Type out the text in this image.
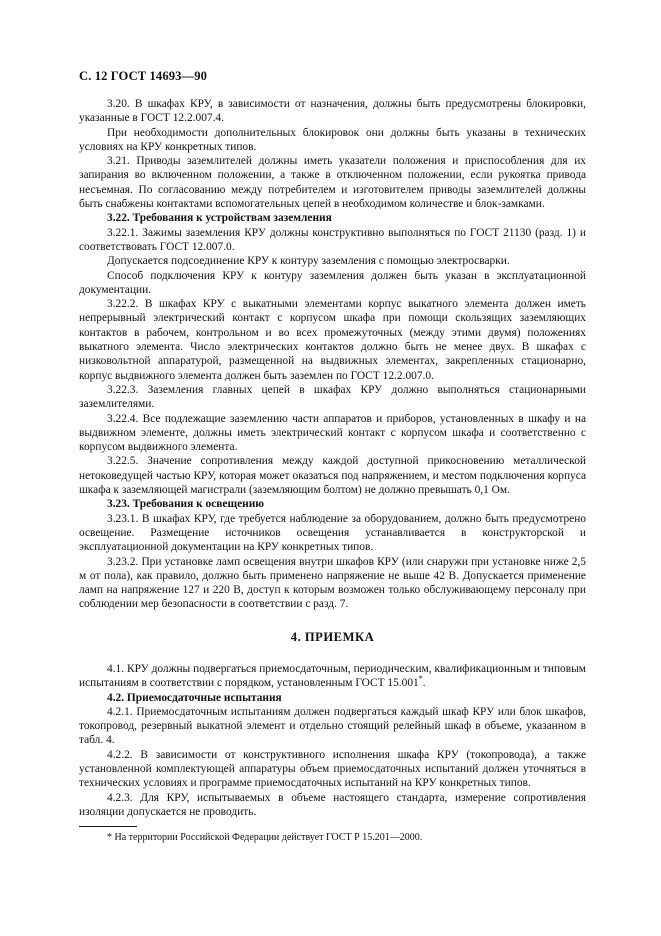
С. 12 ГОСТ 14693—90

3.20. В шкафах КРУ, в зависимости от назначения, должны быть предусмотрены блокировки, указанные в ГОСТ 12.2.007.4.

При необходимости дополнительных блокировок они должны быть указаны в технических условиях на КРУ конкретных типов.

3.21. Приводы заземлителей должны иметь указатели положения и приспособления для их запирания во включенном положении, а также в отключенном положении, если рукоятка привода несъемная. По согласованию между потребителем и изготовителем приводы заземлителей должны быть снабжены контактами вспомогательных цепей в необходимом количестве и блок-замками.

3.22. Требования к устройствам заземления

3.22.1. Зажимы заземления КРУ должны конструктивно выполняться по ГОСТ 21130 (разд. 1) и соответствовать ГОСТ 12.007.0.

Допускается подсоединение КРУ к контуру заземления с помощью электросварки.

Способ подключения КРУ к контуру заземления должен быть указан в эксплуатационной документации.

3.22.2. В шкафах КРУ с выкатными элементами корпус выкатного элемента должен иметь непрерывный электрический контакт с корпусом шкафа при помощи скользящих заземляющих контактов в рабочем, контрольном и во всех промежуточных (между этими двумя) положениях выкатного элемента. Число электрических контактов должно быть не менее двух. В шкафах с низковольтной аппаратурой, размещенной на выдвижных элементах, закрепленных стационарно, корпус выдвижного элемента должен быть заземлен по ГОСТ 12.2.007.0.

3.22.3. Заземления главных цепей в шкафах КРУ должно выполняться стационарными заземлителями.

3.22.4. Все подлежащие заземлению части аппаратов и приборов, установленных в шкафу и на выдвижном элементе, должны иметь электрический контакт с корпусом шкафа и соответственно с корпусом выдвижного элемента.

3.22.5. Значение сопротивления между каждой доступной прикосновению металлической нетоковедущей частью КРУ, которая может оказаться под напряжением, и местом подключения корпуса шкафа к заземляющей магистрали (заземляющим болтом) не должно превышать 0,1 Ом.

3.23. Требования к освещению

3.23.1. В шкафах КРУ, где требуется наблюдение за оборудованием, должно быть предусмотрено освещение. Размещение источников освещения устанавливается в конструкторской и эксплуатационной документации на КРУ конкретных типов.

3.23.2. При установке ламп освещения внутри шкафов КРУ (или снаружи при установке ниже 2,5 м от пола), как правило, должно быть применено напряжение не выше 42 В. Допускается применение ламп на напряжение 127 и 220 В, доступ к которым возможен только обслуживающему персоналу при соблюдении мер безопасности в соответствии с разд. 7.

4. ПРИЕМКА

4.1. КРУ должны подвергаться приемосдаточным, периодическим, квалификационным и типовым испытаниям в соответствии с порядком, установленным ГОСТ 15.001*.

4.2. Приемосдаточные испытания

4.2.1. Приемосдаточным испытаниям должен подвергаться каждый шкаф КРУ или блок шкафов, токопровод, резервный выкатной элемент и отдельно стоящий релейный шкаф в объеме, указанном в табл. 4.

4.2.2. В зависимости от конструктивного исполнения шкафа КРУ (токопровода), а также установленной комплектующей аппаратуры объем приемосдаточных испытаний должен уточняться в технических условиях и программе приемосдаточных испытаний на КРУ конкретных типов.

4.2.3. Для КРУ, испытываемых в объеме настоящего стандарта, измерение сопротивления изоляции допускается не проводить.

* На территории Российской Федерации действует ГОСТ Р 15.201—2000.
